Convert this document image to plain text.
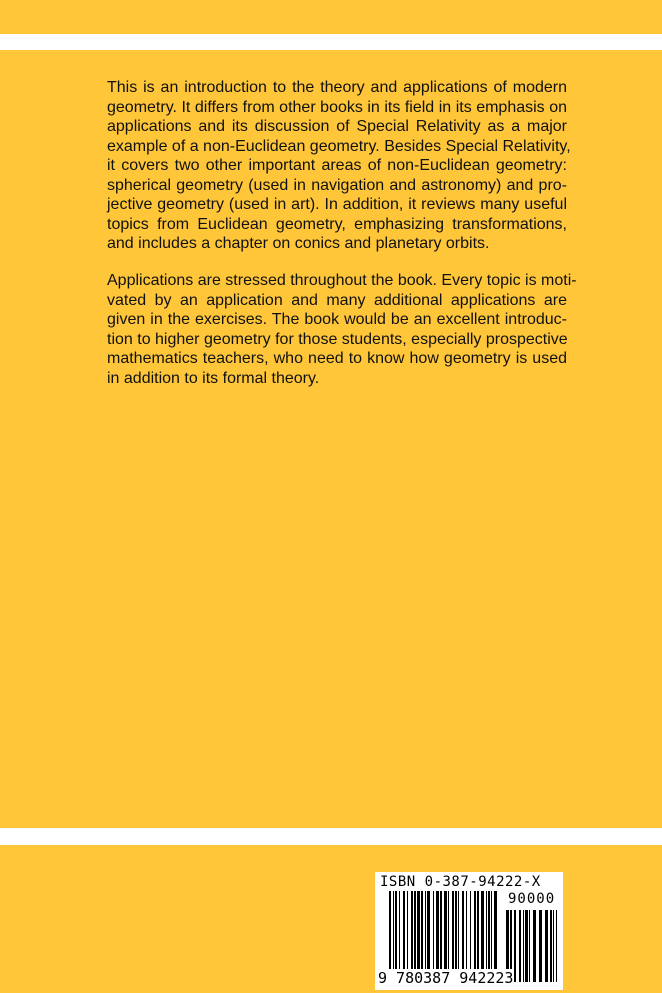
This is an introduction to the theory and applications of modern
geometry. It differs from other books in its field in its emphasis on
applications and its discussion of Special Relativity as a major
example of a non-Euclidean geometry. Besides Special Relativity,
it covers two other important areas of non-Euclidean geometry:
spherical geometry (used in navigation and astronomy) and pro-
jective geometry (used in art). In addition, it reviews many useful
topics from Euclidean geometry, emphasizing transformations,
and includes a chapter on conics and planetary orbits.
Applications are stressed throughout the book. Every topic is moti-
vated by an application and many additional applications are
given in the exercises. The book would be an excellent introduc-
tion to higher geometry for those students, especially prospective
mathematics teachers, who need to know how geometry is used
in addition to its formal theory.
ISBN 0-387-94222-X
90000
9 780387 942223
